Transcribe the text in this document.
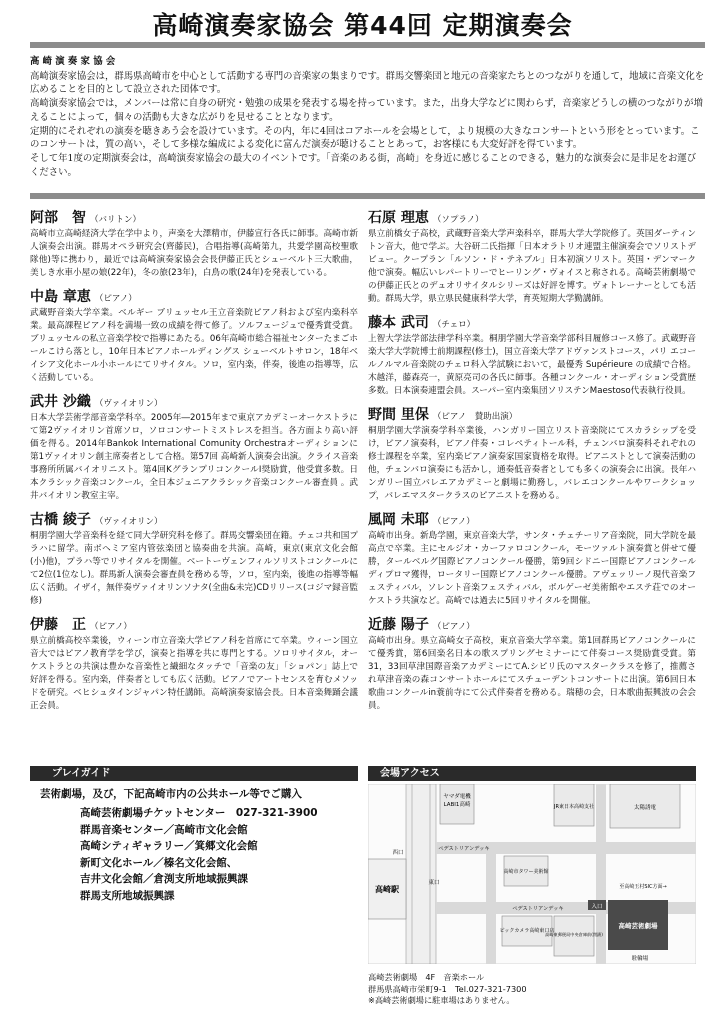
高崎演奏家協会 第44回 定期演奏会
高 崎 演 奏 家 協 会

高崎演奏家協会は，群馬県高崎市を中心として活動する専門の音楽家の集まりです。群馬交響楽団と地元の音楽家たちとのつながりを通して，地域に音楽文化を広めることを目的として設立された団体です。

高崎演奏家協会では，メンバーは常に自身の研究・勉強の成果を発表する場を持っています。また，出身大学などに関わらず，音楽家どうしの横のつながりが増えることによって，個々の活動も大きな広がりを見せることとなります。

定期的にそれぞれの演奏を聴きあう会を設けています。その内，年に4回はコアホールを会場として，より規模の大きなコンサートという形をとっています。このコンサートは，質の高い，そして多様な編成による変化に富んだ演奏が聴けることとあって，お客様にも大変好評を得ています。

そして年1度の定期演奏会は，高崎演奏家協会の最大のイベントです。「音楽のある街，高崎」を身近に感じることのできる，魅力的な演奏会に是非足をお運びください。

阿部　智 （バリトン）
高崎市立高崎経済大学在学中より，声楽を大澤精市，伊藤宣行各氏に師事。高崎市新人演奏会出演。群馬オペラ研究会(齊藤民)，合唱指導(高崎第九，共愛学園高校聖歌隊他)等に携わり，最近では高崎演奏家協会会長伊藤正氏とシューベルト三大歌曲，美しき水車小屋の娘(22年)，冬の旅(23年)，白鳥の歌(24年)を発表している。
中島 章恵 （ピアノ）
武蔵野音楽大学卒業。ベルギー ブリュッセル王立音楽院ピアノ科および室内楽科卒業。最高課程ピアノ科を満場一致の成績を得て修了。ソルフェージュで優秀賞受賞。ブリュッセルの私立音楽学校で指導にあたる。06年高崎市総合福祉センターたまごホールこけら落とし，10年日本ピアノホールディングス シューベルトサロン，18年ベイシア文化ホール小ホールにてリサイタル。ソロ，室内楽，伴奏，後進の指導等，広く活動している。
武井 沙織 （ヴァイオリン）
日本大学芸術学部音楽学科卒。2005年―2015年まで東京アカデミーオーケストラにて第2ヴァイオリン首席ソロ，ソロコンサートミストレスを担当。各方面より高い評価を得る。2014年Bankok International Comunity Orchestraオーディションに第1ヴァイオリン創主席奏者として合格。第57回 高崎新人演奏会出演。クライス音楽事務所所属バイオリニスト。第4回KグランプリコンクールI奨励賞，他受賞多数。日本クラシック音楽コンクール，全日本ジュニアクラシック音楽コンクール審査員 。武井バイオリン教室主宰。
古橋 綾子 （ヴァイオリン）
桐朋学園大学音楽科を経て同大学研究科を修了。群馬交響楽団在籍。チェコ共和国プラハに留学。南ボヘミア室内管弦楽団と協奏曲を共演。高崎，東京(東京文化会館(小)他)，プラハ等でリサイタルを開催。ベートーヴェンフィルソリストコンクールにて2位(1位なし)。群馬新人演奏会審査員を務める等，ソロ，室内楽，後進の指導等幅広く活動。イザイ，無伴奏ヴァイオリンソナタ(全曲&未完)CDリリース(コジマ録音監修)
伊藤　正 （ピアノ）
県立前橋高校卒業後，ウィーン市立音楽大学ピアノ科を首席にて卒業。ウィーン国立音大ではピアノ教育学を学び，演奏と指導を共に専門とする。ソロリサイタル，オーケストラとの共演は豊かな音楽性と繊細なタッチで「音楽の友」「ショパン」誌上で好評を得る。室内楽，伴奏者としても広く活動。ピアノでアートセンスを育むメソッドを研究。ベヒシュタインジャパン特任講師。高崎演奏家協会長。日本音楽舞踊会議正会員。
石原 理恵 （ソプラノ）
県立前橋女子高校，武蔵野音楽大学声楽科卒，群馬大学大学院修了。英国ダーティントン音大，他で学ぶ。大谷研二氏指揮「日本オラトリオ連盟主催演奏会でソリストデビュー。クープラン「ルソン・ド・テネブル」日本初演ソリスト。英国・デンマーク他で演奏。幅広いレパートリーでヒーリング・ヴォイスと称される。高崎芸術劇場での伊藤正氏とのデュオリサイタルシリーズは好評を博す。ヴォトレーナーとしても活動。群馬大学，県立県民健康科学大学，育英短期大学勤講師。
藤本 武司 （チェロ）
上智大学法学部法律学科卒業。桐朋学園大学音楽学部科目履修コース修了。武蔵野音楽大学大学院博士前期課程(修士)，国立音楽大学アドヴァンストコース，パリ エコールノルマル音楽院のチェロ科入学試験において，最優秀 Supérieure の成績で合格。木越洋，藤森亮一，黄原亮司の各氏に師事。各種コンクール・オーディション受賞歴多数。日本演奏連盟会員。スーパー室内楽集団ソリステンMaestoso代表執行役員。
野間 里保 （ピアノ　賛助出演）
桐朋学園大学演奏学科卒業後，ハンガリー国立リスト音楽院にてスカラシップを受け，ピアノ演奏科，ピアノ伴奏・コレペティトール科，チェンバロ演奏科それぞれの修士課程を卒業，室内楽ピアノ演奏家国家資格を取得。ピアニストとして演奏活動の他，チェンバロ演奏にも活かし，通奏低音奏者としても多くの演奏会に出演。長年ハンガリー国立バレエアカデミーと劇場に勤務し，バレエコンクールやワークショップ，バレエマスタークラスのピアニストを務める。
風岡 未耶 （ピアノ）
高崎市出身。新島学園，東京音楽大学，サンタ・チェチーリア音楽院，同大学院を最高点で卒業。主にセルジオ・カーファロコンクール，モーツァルト演奏賞と併せて優勝，タールベルグ国際ピアノコンクール優勝，第9回シドニー国際ピアノコンクールディプロマ獲得，ロータリー国際ピアノコンクール優勝。アヴェッリーノ現代音楽フェスティバル，ソレント音楽フェスティバル，ボルゲーゼ美術館やエステ荘でのオーケストラ共演など。高崎では過去に5回リサイタルを開催。
近藤 陽子 （ピアノ）
高崎市出身。県立高崎女子高校，東京音楽大学卒業。第1回群馬ピアノコンクールにて優秀賞，第6回楽名日本の歌スプリングセミナーにて伴奏コース奨励賞受賞。第31，33回草津国際音楽アカデミーにてA.シピリ氏のマスタークラスを修了，推薦され草津音楽の森コンサートホールにてスチューデントコンサートに出演。第6回日本歌曲コンクールin蓑前寺にて公式伴奏者を務める。瑞穂の会，日本歌曲振興波の会会員。
プレイガイド	会場アクセス
芸術劇場，及び，下記高崎市内の公共ホール等でご購入
高崎芸術劇場チケットセンター　027-321-3900
群馬音楽センター／高崎市文化会館
高崎シティギャラリー／箕郷文化会館
新町文化ホール／榛名文化会館、
吉井文化会館／倉渕支所地域振興課
群馬支所地域振興課
ヤマダ電機
LABI1高崎
高崎駅
東口
西口
ペデストリアンデッキ
ペデストリアンデッキ
高崎市タワー美術館
JR東日本高崎支社	太陽誘電
至高崎玉村SIC方面→
入口
高崎芸術劇場
ビックカメラ高崎東口店
高崎東郵便局中央倉庫前(閉鎖)
駐輪場
高崎芸術劇場　4F　音楽ホール
群馬県高崎市栄町9-1　Tel.027-321-7300
※高崎芸術劇場に駐車場はありません。
